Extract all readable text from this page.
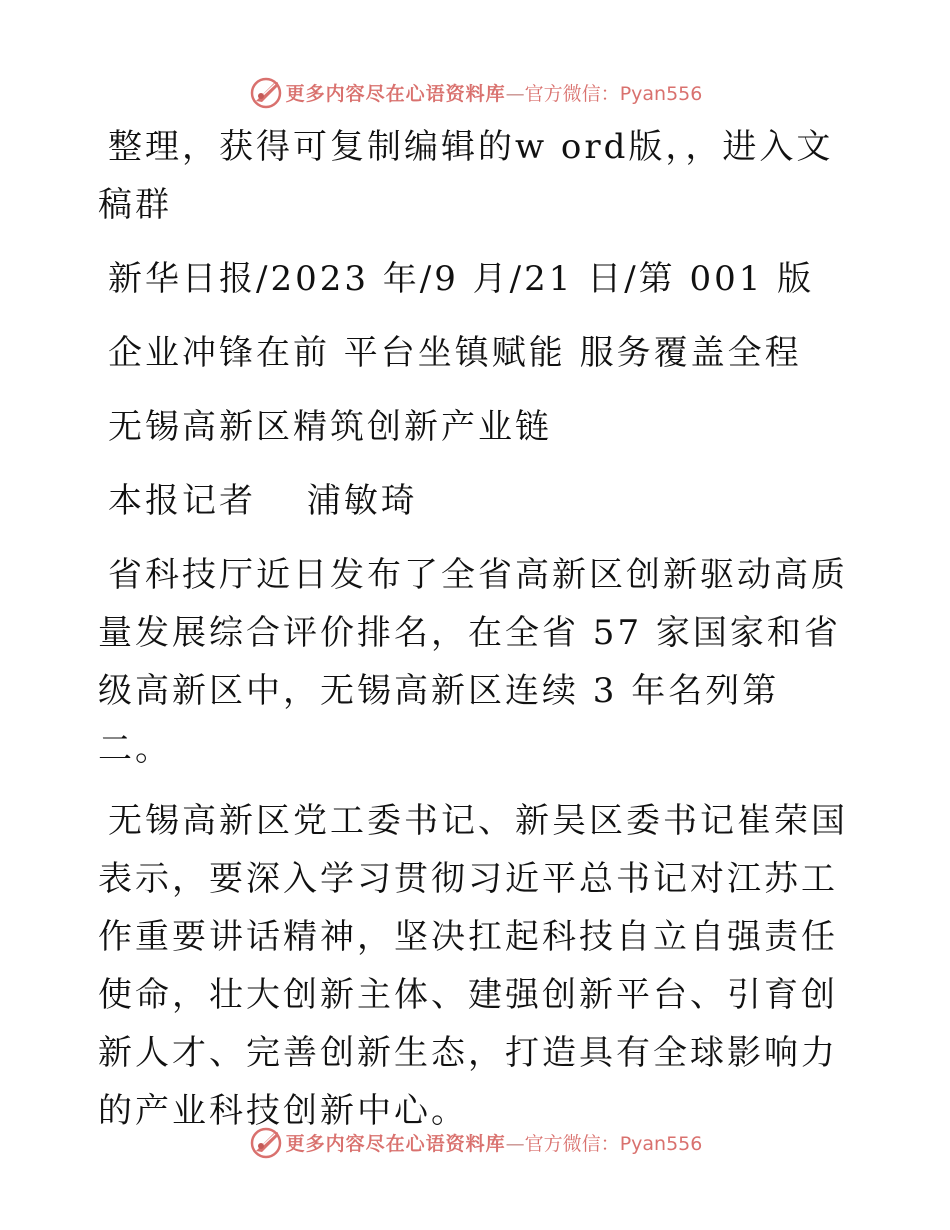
更多内容尽在心语资料库—官方微信：Pyan556

整理，获得可复制编辑的w ord版，，进入文稿群

新华日报/2023 年/9 月/21 日/第 001 版

企业冲锋在前 平台坐镇赋能 服务覆盖全程

无锡高新区精筑创新产业链

本报记者　 浦敏琦

省科技厅近日发布了全省高新区创新驱动高质量发展综合评价排名，在全省 57 家国家和省级高新区中，无锡高新区连续 3 年名列第二。

无锡高新区党工委书记、新吴区委书记崔荣国表示，要深入学习贯彻习近平总书记对江苏工作重要讲话精神，坚决扛起科技自立自强责任使命，壮大创新主体、建强创新平台、引育创新人才、完善创新生态，打造具有全球影响力的产业科技创新中心。

更多内容尽在心语资料库—官方微信：Pyan556
